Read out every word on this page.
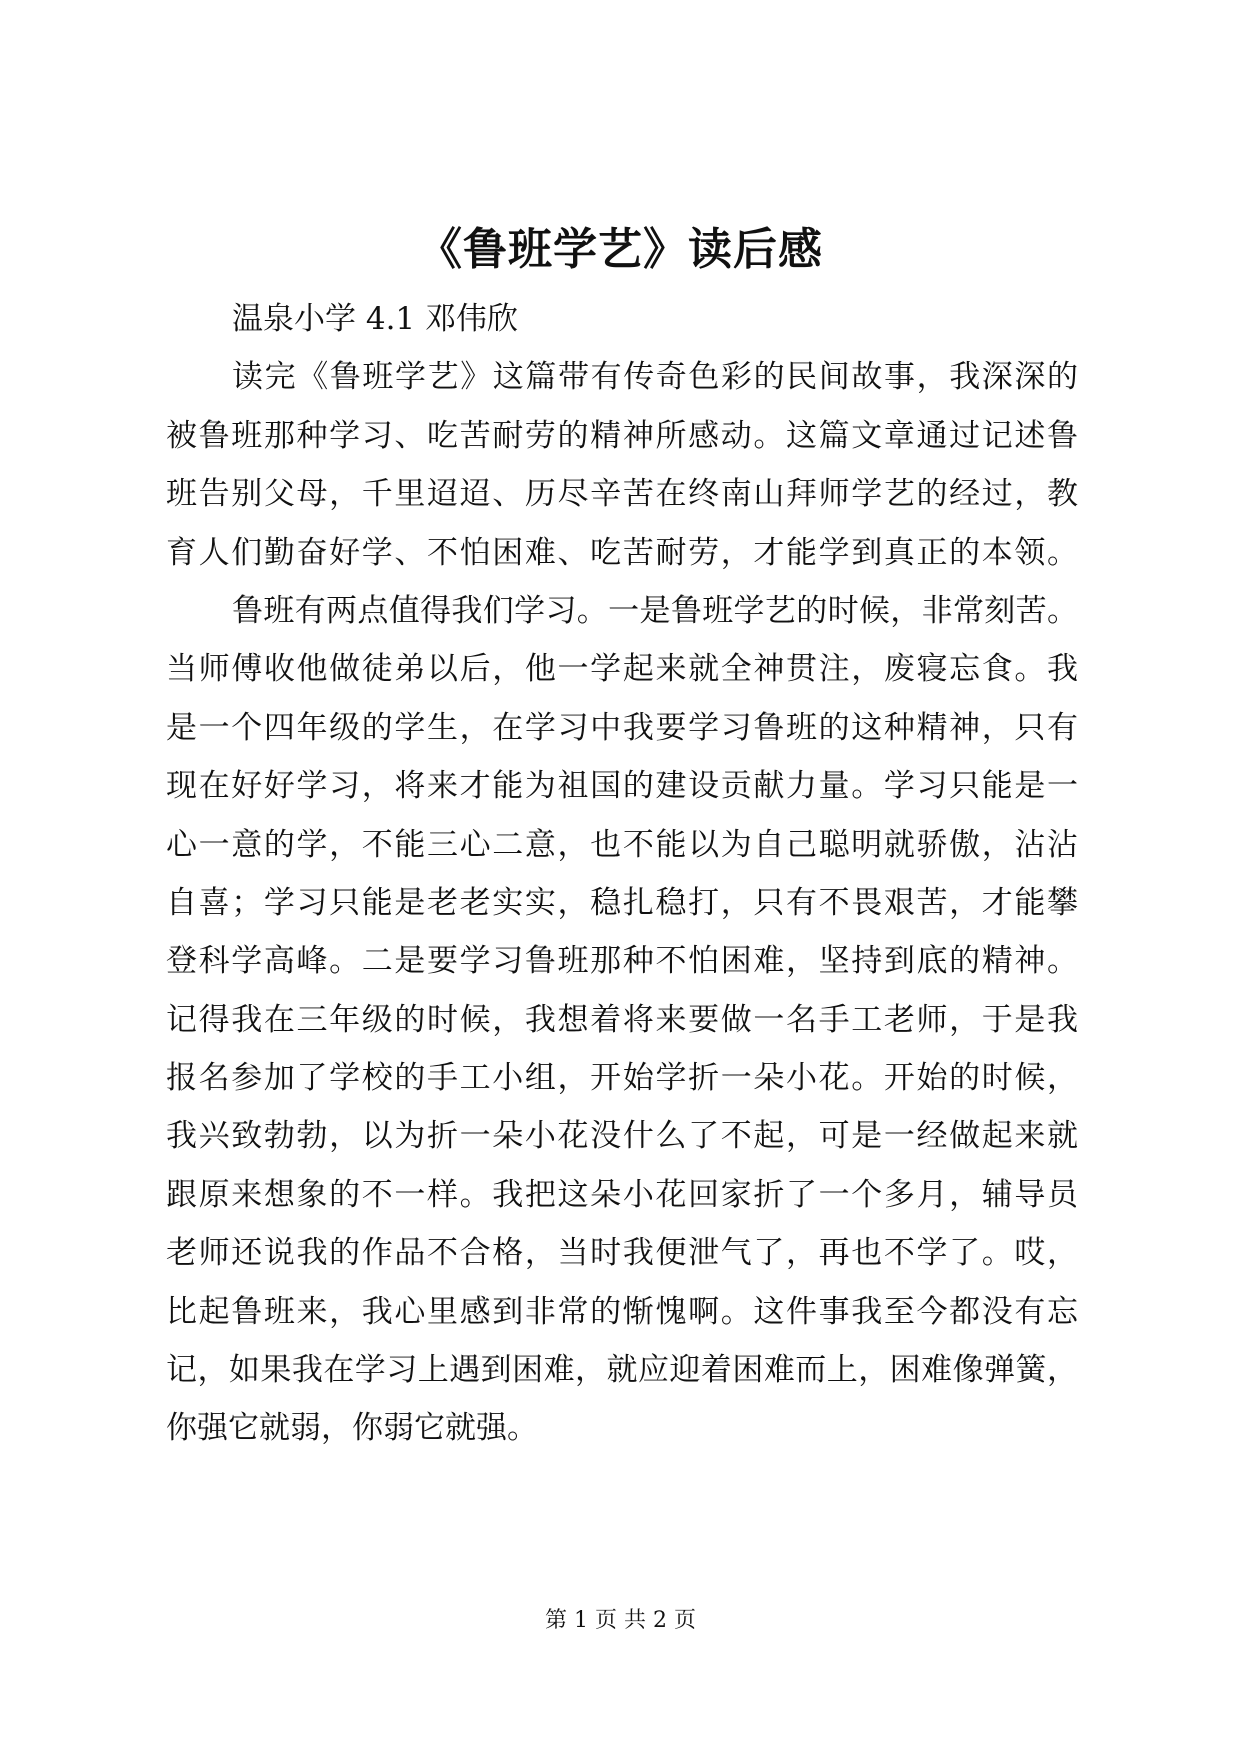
《鲁班学艺》读后感
温泉小学 4.1 邓伟欣
读完《鲁班学艺》这篇带有传奇色彩的民间故事，我深深的
被鲁班那种学习、吃苦耐劳的精神所感动。这篇文章通过记述鲁
班告别父母，千里迢迢、历尽辛苦在终南山拜师学艺的经过，教
育人们勤奋好学、不怕困难、吃苦耐劳，才能学到真正的本领。
鲁班有两点值得我们学习。一是鲁班学艺的时候，非常刻苦。
当师傅收他做徒弟以后，他一学起来就全神贯注，废寝忘食。我
是一个四年级的学生，在学习中我要学习鲁班的这种精神，只有
现在好好学习，将来才能为祖国的建设贡献力量。学习只能是一
心一意的学，不能三心二意，也不能以为自己聪明就骄傲，沾沾
自喜；学习只能是老老实实，稳扎稳打，只有不畏艰苦，才能攀
登科学高峰。二是要学习鲁班那种不怕困难，坚持到底的精神。
记得我在三年级的时候，我想着将来要做一名手工老师，于是我
报名参加了学校的手工小组，开始学折一朵小花。开始的时候，
我兴致勃勃，以为折一朵小花没什么了不起，可是一经做起来就
跟原来想象的不一样。我把这朵小花回家折了一个多月，辅导员
老师还说我的作品不合格，当时我便泄气了，再也不学了。哎，
比起鲁班来，我心里感到非常的惭愧啊。这件事我至今都没有忘
记，如果我在学习上遇到困难，就应迎着困难而上，困难像弹簧，
你强它就弱，你弱它就强。
第 1 页 共 2 页
